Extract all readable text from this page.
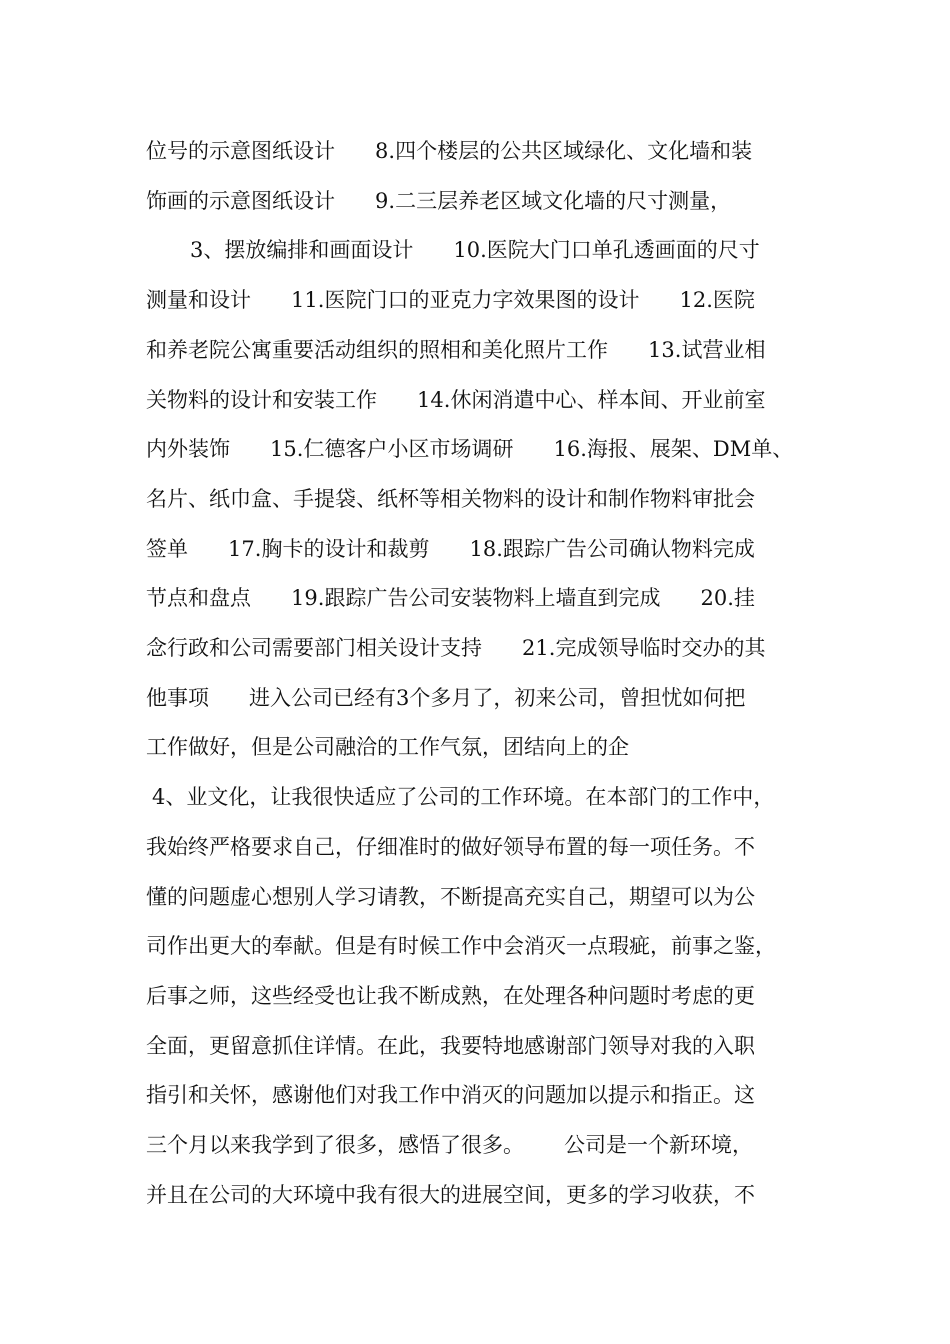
位号的示意图纸设计      8.四个楼层的公共区域绿化、文化墙和装
饰画的示意图纸设计      9.二三层养老区域文化墙的尺寸测量，
3、摆放编排和画面设计      10.医院大门口单孔透画面的尺寸
测量和设计      11.医院门口的亚克力字效果图的设计      12.医院
和养老院公寓重要活动组织的照相和美化照片工作      13.试营业相
关物料的设计和安装工作      14.休闲消遣中心、样本间、开业前室
内外装饰      15.仁德客户小区市场调研      16.海报、展架、DM单、
名片、纸巾盒、手提袋、纸杯等相关物料的设计和制作物料审批会
签单      17.胸卡的设计和裁剪      18.跟踪广告公司确认物料完成
节点和盘点      19.跟踪广告公司安装物料上墙直到完成      20.挂
念行政和公司需要部门相关设计支持      21.完成领导临时交办的其
他事项      进入公司已经有3个多月了，初来公司，曾担忧如何把
工作做好，但是公司融洽的工作气氛，团结向上的企
4、业文化，让我很快适应了公司的工作环境。在本部门的工作中，
我始终严格要求自己，仔细准时的做好领导布置的每一项任务。不
懂的问题虚心想别人学习请教，不断提高充实自己，期望可以为公
司作出更大的奉献。但是有时候工作中会消灭一点瑕疵，前事之鉴，
后事之师，这些经受也让我不断成熟，在处理各种问题时考虑的更
全面，更留意抓住详情。在此，我要特地感谢部门领导对我的入职
指引和关怀，感谢他们对我工作中消灭的问题加以提示和指正。这
三个月以来我学到了很多，感悟了很多。      公司是一个新环境，
并且在公司的大环境中我有很大的进展空间，更多的学习收获，不
